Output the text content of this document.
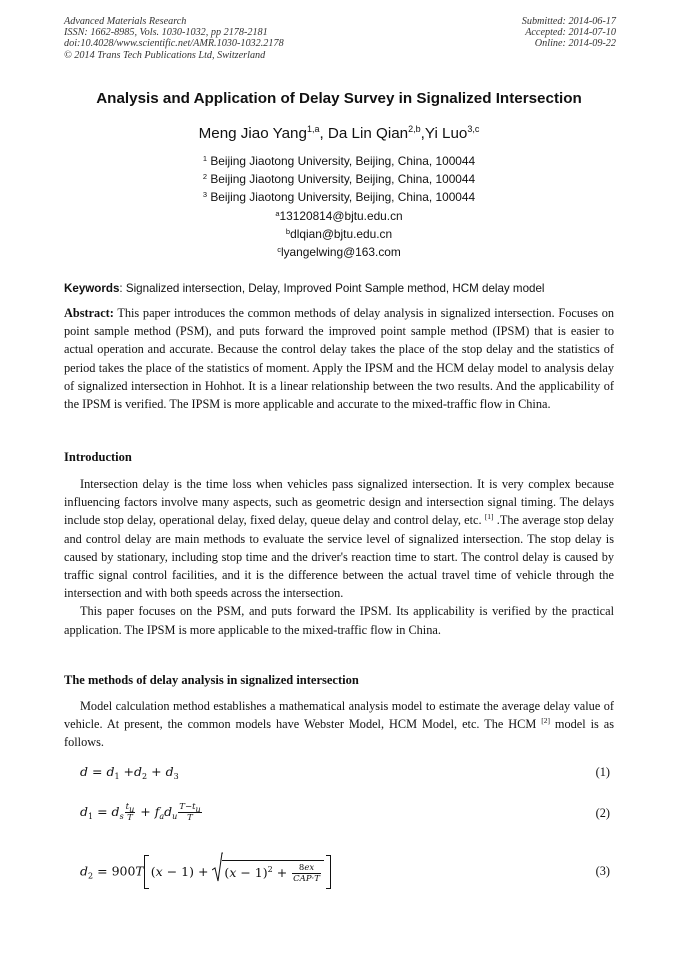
Advanced Materials Research
ISSN: 1662-8985, Vols. 1030-1032, pp 2178-2181
doi:10.4028/www.scientific.net/AMR.1030-1032.2178
© 2014 Trans Tech Publications Ltd, Switzerland
Submitted: 2014-06-17
Accepted: 2014-07-10
Online: 2014-09-22
Analysis and Application of Delay Survey in Signalized Intersection
Meng Jiao Yang$^{1,a}$, Da Lin Qian$^{2,b}$,Yi Luo$^{3,c}$
$^1$ Beijing Jiaotong University, Beijing, China, 100044
$^2$ Beijing Jiaotong University, Beijing, China, 100044
$^3$ Beijing Jiaotong University, Beijing, China, 100044
$^a$13120814@bjtu.edu.cn
$^b$dlqian@bjtu.edu.cn
$^c$lyangelwing@163.com
Keywords: Signalized intersection, Delay, Improved Point Sample method, HCM delay model

Abstract: This paper introduces the common methods of delay analysis in signalized intersection. Focuses on point sample method (PSM), and puts forward the improved point sample method (IPSM) that is easier to actual operation and accurate. Because the control delay takes the place of the stop delay and the statistics of period takes the place of the statistics of moment. Apply the IPSM and the HCM delay model to analysis delay of signalized intersection in Hohhot. It is a linear relationship between the two results. And the applicability of the IPSM is verified. The IPSM is more applicable and accurate to the mixed-traffic flow in China.

Introduction

Intersection delay is the time loss when vehicles pass signalized intersection. It is very complex because influencing factors involve many aspects, such as geometric design and intersection signal timing. The delays include stop delay, operational delay, fixed delay, queue delay and control delay, etc. [1] .The average stop delay and control delay are main methods to evaluate the service level of signalized intersection. The stop delay is caused by stationary, including stop time and the driver's reaction time to start. The control delay is caused by traffic signal control facilities, and it is the difference between the actual travel time of vehicle through the intersection and with both speeds across the intersection.

This paper focuses on the PSM, and puts forward the IPSM. Its applicability is verified by the practical application. The IPSM is more applicable to the mixed-traffic flow in China.

The methods of delay analysis in signalized intersection

Model calculation method establishes a mathematical analysis model to estimate the average delay value of vehicle. At present, the common models have Webster Model, HCM Model, etc. The HCM [2] model is as follows.

$d = d_1 +d_2 + d_3$	(1)
$d_1 = d_s \frac{t_u}{T} + f_ad_u \frac{T-t_u}{T}$	(2)
$d_2 = 900T$ $(x - 1) + (x - 1)^2 + \frac{8ex}{\text{CAP·T}}$	(3)
